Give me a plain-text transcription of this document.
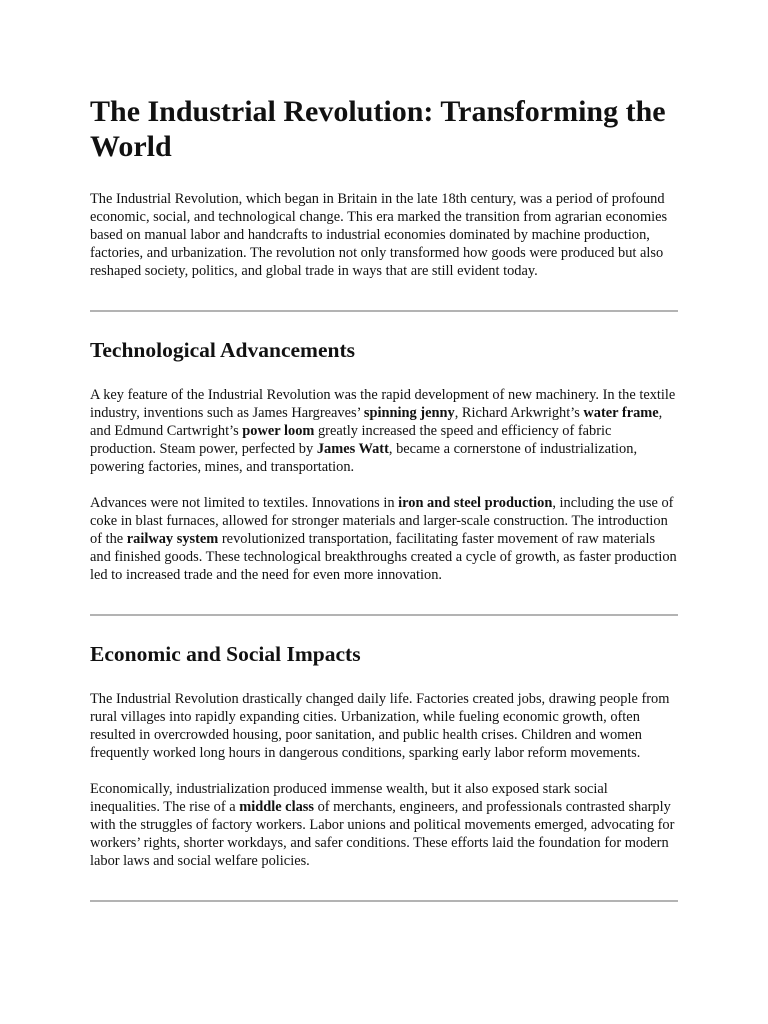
The Industrial Revolution: Transforming the World

The Industrial Revolution, which began in Britain in the late 18th century, was a period of profound economic, social, and technological change. This era marked the transition from agrarian economies based on manual labor and handcrafts to industrial economies dominated by machine production, factories, and urbanization. The revolution not only transformed how goods were produced but also reshaped society, politics, and global trade in ways that are still evident today.

Technological Advancements

A key feature of the Industrial Revolution was the rapid development of new machinery. In the textile industry, inventions such as James Hargreaves’ spinning jenny, Richard Arkwright’s water frame, and Edmund Cartwright’s power loom greatly increased the speed and efficiency of fabric production. Steam power, perfected by James Watt, became a cornerstone of industrialization, powering factories, mines, and transportation.

Advances were not limited to textiles. Innovations in iron and steel production, including the use of coke in blast furnaces, allowed for stronger materials and larger-scale construction. The introduction of the railway system revolutionized transportation, facilitating faster movement of raw materials and finished goods. These technological breakthroughs created a cycle of growth, as faster production led to increased trade and the need for even more innovation.

Economic and Social Impacts

The Industrial Revolution drastically changed daily life. Factories created jobs, drawing people from rural villages into rapidly expanding cities. Urbanization, while fueling economic growth, often resulted in overcrowded housing, poor sanitation, and public health crises. Children and women frequently worked long hours in dangerous conditions, sparking early labor reform movements.

Economically, industrialization produced immense wealth, but it also exposed stark social inequalities. The rise of a middle class of merchants, engineers, and professionals contrasted sharply with the struggles of factory workers. Labor unions and political movements emerged, advocating for workers’ rights, shorter workdays, and safer conditions. These efforts laid the foundation for modern labor laws and social welfare policies.
